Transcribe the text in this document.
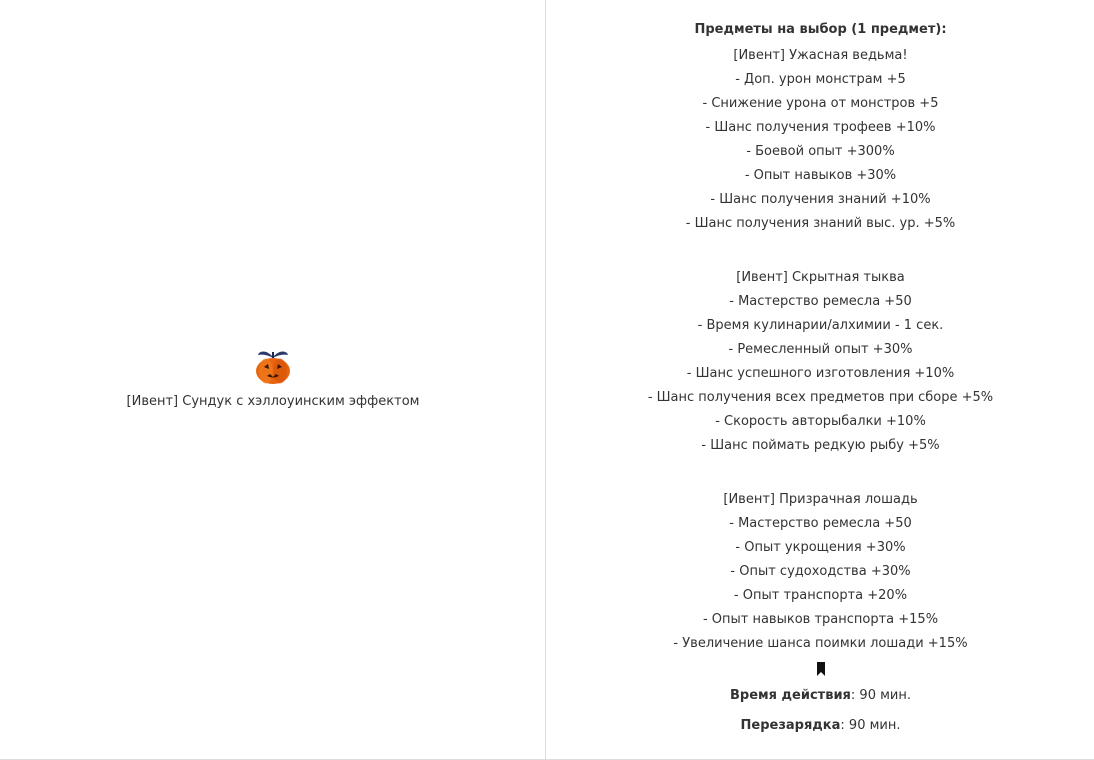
[Ивент] Сундук с хэллоуинским эффектом
Предметы на выбор (1 предмет):
[Ивент] Ужасная ведьма!
- Доп. урон монстрам +5
- Снижение урона от монстров +5
- Шанс получения трофеев +10%
- Боевой опыт +300%
- Опыт навыков +30%
- Шанс получения знаний +10%
- Шанс получения знаний выс. ур. +5%
[Ивент] Скрытная тыква
- Мастерство ремесла +50
- Время кулинарии/алхимии - 1 сек.
- Ремесленный опыт +30%
- Шанс успешного изготовления +10%
- Шанс получения всех предметов при сборе +5%
- Скорость авторыбалки +10%
- Шанс поймать редкую рыбу +5%
[Ивент] Призрачная лошадь
- Мастерство ремесла +50
- Опыт укрощения +30%
- Опыт судоходства +30%
- Опыт транспорта +20%
- Опыт навыков транспорта +15%
- Увеличение шанса поимки лошади +15%
Время действия: 90 мин.
Перезарядка: 90 мин.
